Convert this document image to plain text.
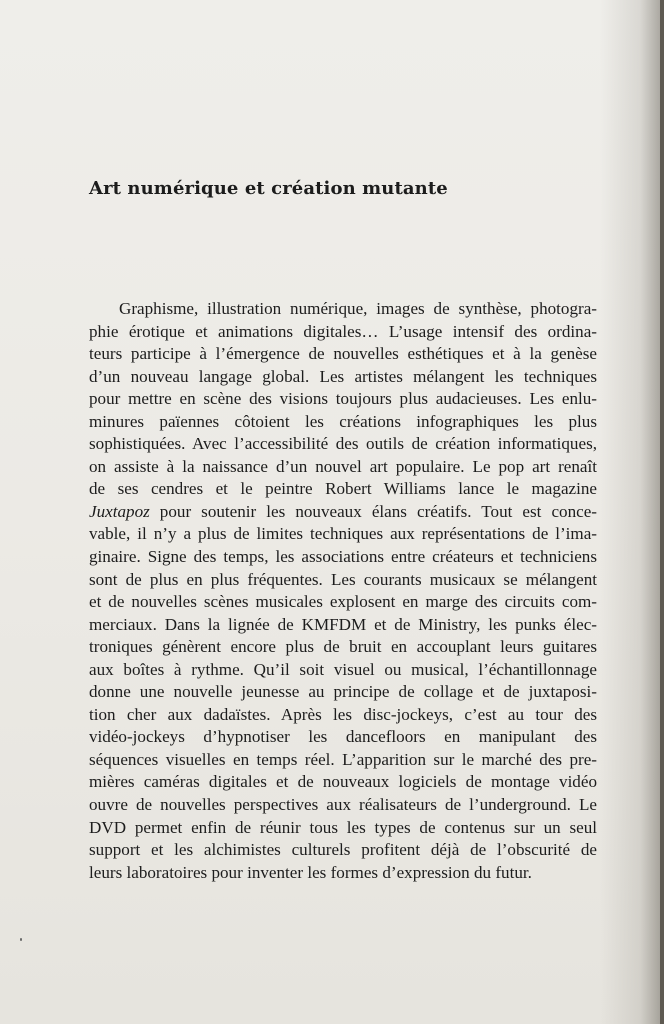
Art numérique et création mutante
Graphisme, illustration numérique, images de synthèse, photogra-
phie érotique et animations digitales… L’usage intensif des ordina-
teurs participe à l’émergence de nouvelles esthétiques et à la genèse
d’un nouveau langage global. Les artistes mélangent les techniques
pour mettre en scène des visions toujours plus audacieuses. Les enlu-
minures païennes côtoient les créations infographiques les plus
sophistiquées. Avec l’accessibilité des outils de création informatiques,
on assiste à la naissance d’un nouvel art populaire. Le pop art renaît
de ses cendres et le peintre Robert Williams lance le magazine
Juxtapoz pour soutenir les nouveaux élans créatifs. Tout est conce-
vable, il n’y a plus de limites techniques aux représentations de l’ima-
ginaire. Signe des temps, les associations entre créateurs et techniciens
sont de plus en plus fréquentes. Les courants musicaux se mélangent
et de nouvelles scènes musicales explosent en marge des circuits com-
merciaux. Dans la lignée de KMFDM et de Ministry, les punks élec-
troniques génèrent encore plus de bruit en accouplant leurs guitares
aux boîtes à rythme. Qu’il soit visuel ou musical, l’échantillonnage
donne une nouvelle jeunesse au principe de collage et de juxtaposi-
tion cher aux dadaïstes. Après les disc-jockeys, c’est au tour des
vidéo-jockeys d’hypnotiser les dancefloors en manipulant des
séquences visuelles en temps réel. L’apparition sur le marché des pre-
mières caméras digitales et de nouveaux logiciels de montage vidéo
ouvre de nouvelles perspectives aux réalisateurs de l’underground. Le
DVD permet enfin de réunir tous les types de contenus sur un seul
support et les alchimistes culturels profitent déjà de l’obscurité de
leurs laboratoires pour inventer les formes d’expression du futur.
